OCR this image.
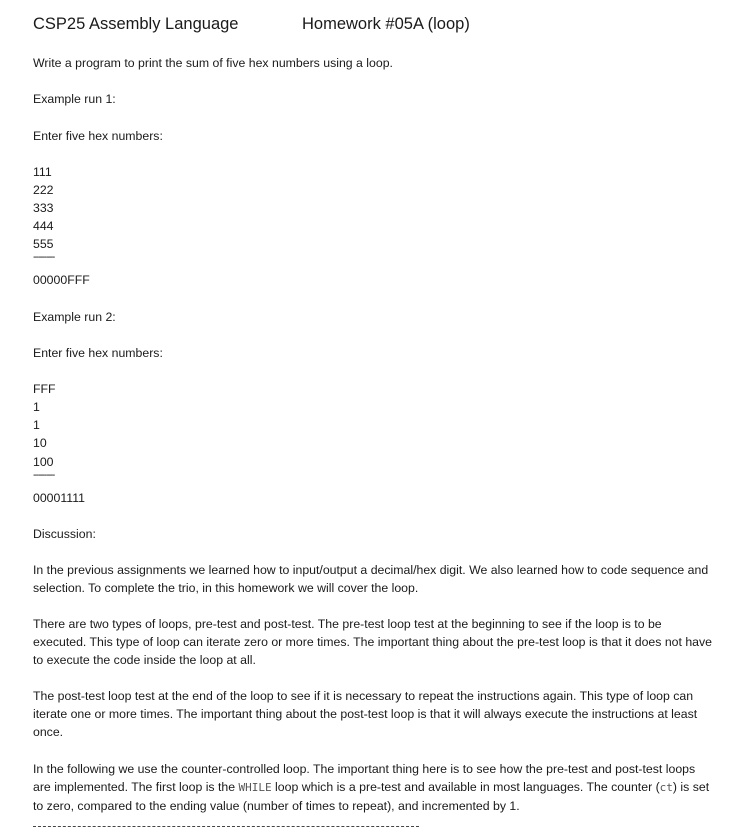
CSP25 Assembly Language	Homework #05A (loop)
Write a program to print the sum of five hex numbers using a loop.
Example run 1:
Enter five hex numbers:
111
222
333
444
555
--------
00000FFF
Example run 2:
Enter five hex numbers:
FFF
1
1
10
100
--------
00001111
Discussion:
In the previous assignments we learned how to input/output a decimal/hex digit. We also learned how to code sequence and selection. To complete the trio, in this homework we will cover the loop.
There are two types of loops, pre-test and post-test. The pre-test loop test at the beginning to see if the loop is to be executed. This type of loop can iterate zero or more times. The important thing about the pre-test loop is that it does not have to execute the code inside the loop at all.
The post-test loop test at the end of the loop to see if it is necessary to repeat the instructions again. This type of loop can iterate one or more times. The important thing about the post-test loop is that it will always execute the instructions at least once.
In the following we use the counter-controlled loop. The important thing here is to see how the pre-test and post-test loops are implemented. The first loop is the WHILE loop which is a pre-test and available in most languages. The counter (ct) is set to zero, compared to the ending value (number of times to repeat), and incremented by 1.
